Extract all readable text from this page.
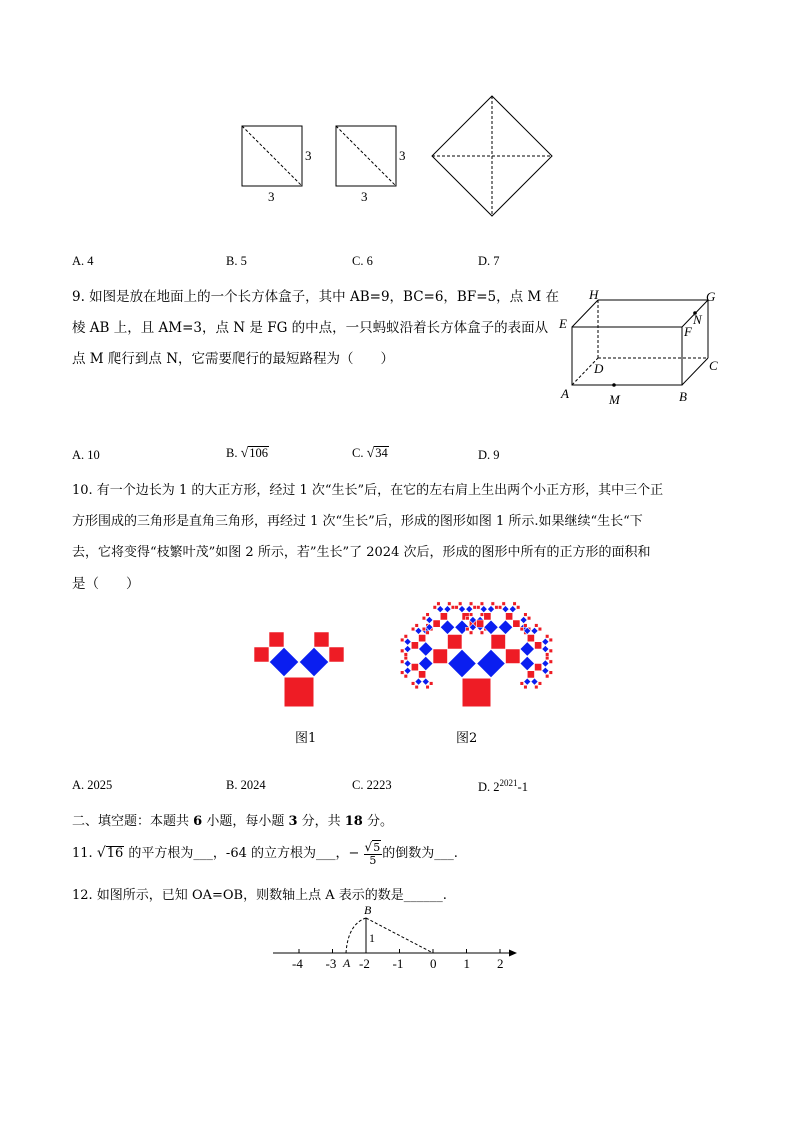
3
3
3
3
A. 4	B. 5	C. 6	D. 7
9. 如图是放在地面上的一个长方体盒子，其中 AB=9，BC=6，BF=5，点 M 在
棱 AB 上，且 AM=3，点 N 是 FG 的中点，一只蚂蚁沿着长方体盒子的表面从
点 M 爬行到点 N，它需要爬行的最短路程为（　　）
H	G
E	N
F
D	C
A	M	B
A. 10	B. √106	C. √34	D. 9
10. 有一个边长为 1 的大正方形，经过 1 次“生长”后，在它的左右肩上生出两个小正方形，其中三个正
方形围成的三角形是直角三角形，再经过 1 次“生长”后，形成的图形如图 1 所示.如果继续“生长“下
去，它将变得“枝繁叶茂”如图 2 所示，若”生长”了 2024 次后，形成的图形中所有的正方形的面积和
是（　　）
图1	图2
A. 2025	B. 2024	C. 2223	D. $2^{2021}-1$
二、填空题：本题共 6 小题，每小题 3 分，共 18 分。
11. √16 的平方根为___，-64 的立方根为___，− $\frac{√5}{5}$ 的倒数为___.
12. 如图所示，已知 OA=OB，则数轴上点 A 表示的数是______.
B
1
-4 -3 -2 -1 0 1 2
A
